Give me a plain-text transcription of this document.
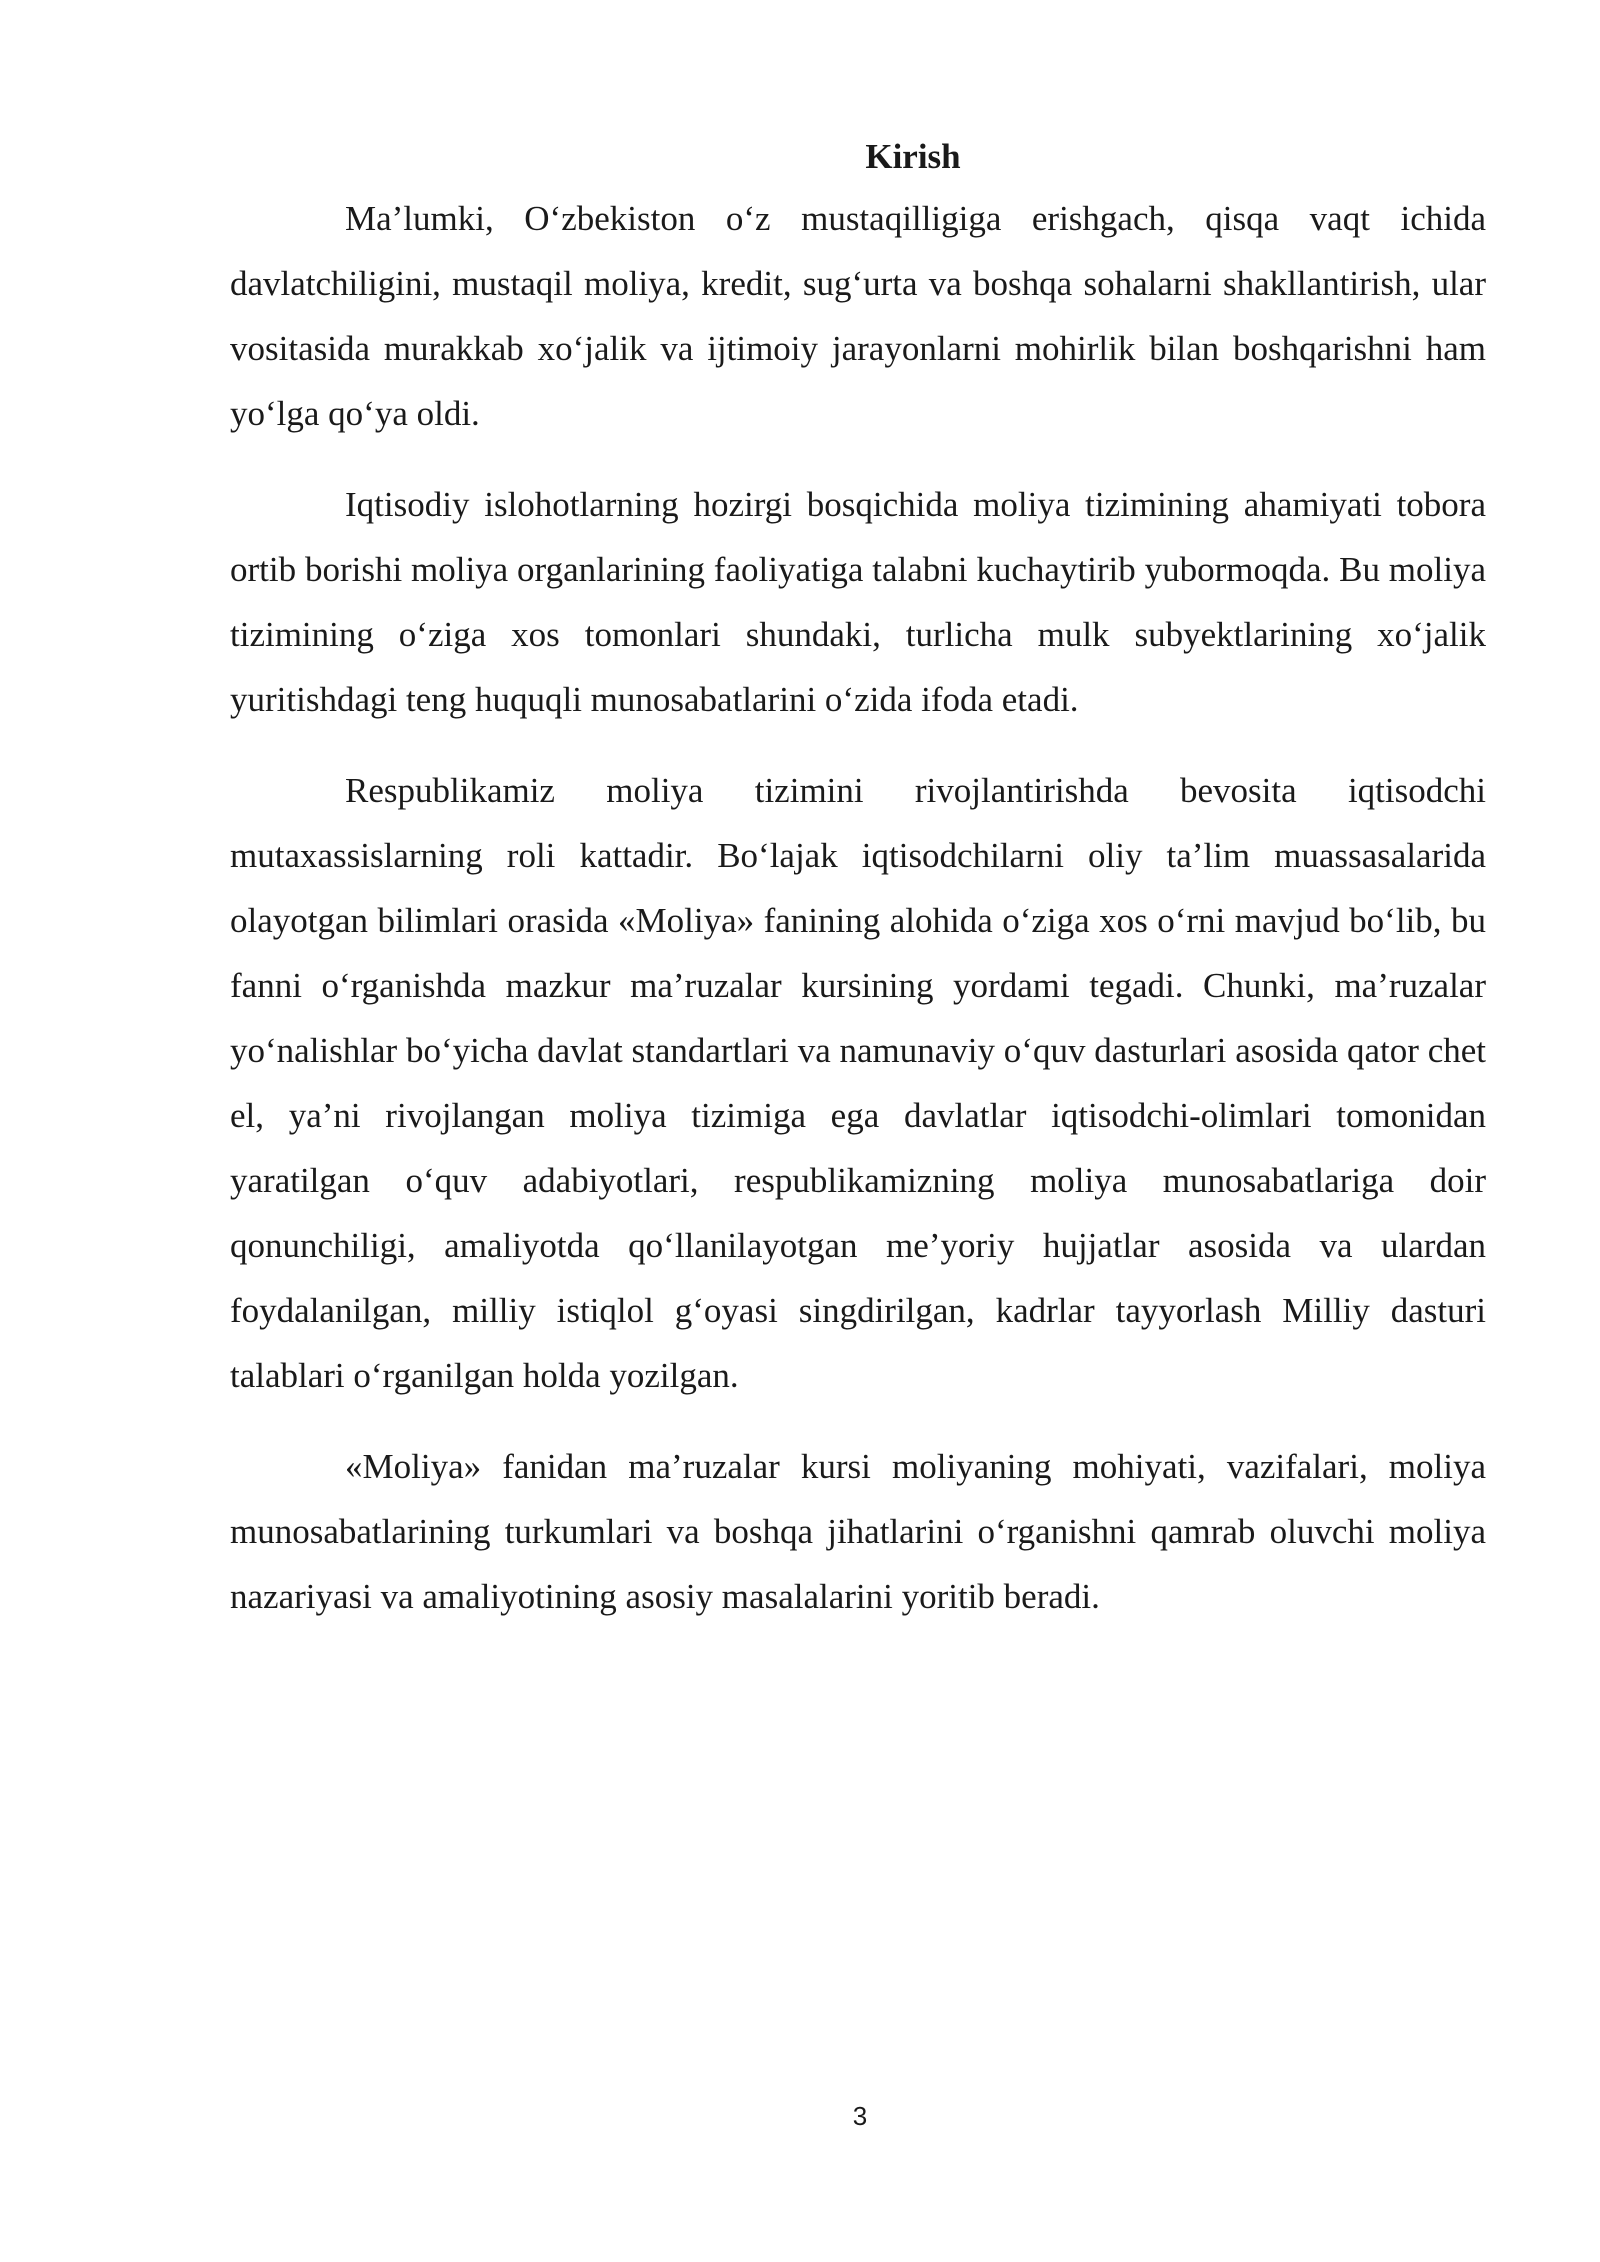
Kirish

Ma’lumki, O‘zbekiston o‘z mustaqilligiga erishgach, qisqa vaqt ichida davlatchiligini, mustaqil moliya, kredit, sug‘urta va boshqa sohalarni shakllantirish, ular vositasida murakkab xo‘jalik va ijtimoiy jarayonlarni mohirlik bilan boshqarishni ham yo‘lga qo‘ya oldi.

Iqtisodiy islohotlarning hozirgi bosqichida moliya tizimining ahamiyati tobora ortib borishi moliya organlarining faoliyatiga talabni kuchaytirib yubormoqda. Bu moliya tizimining o‘ziga xos tomonlari shundaki, turlicha mulk subyektlarining xo‘jalik yuritishdagi teng huquqli munosabatlarini o‘zida ifoda etadi.

Respublikamiz moliya tizimini rivojlantirishda bevosita iqtisodchi mutaxassislarning roli kattadir. Bo‘lajak iqtisodchilarni oliy ta’lim muassasalarida olayotgan bilimlari orasida «Moliya» fanining alohida o‘ziga xos o‘rni mavjud bo‘lib, bu fanni o‘rganishda mazkur ma’ruzalar kursining yordami tegadi. Chunki, ma’ruzalar yo‘nalishlar bo‘yicha davlat standartlari va namunaviy o‘quv dasturlari asosida qator chet el, ya’ni rivojlangan moliya tizimiga ega davlatlar iqtisodchi-olimlari tomonidan yaratilgan o‘quv adabiyotlari, respublikamizning moliya munosabatlariga doir qonunchiligi, amaliyotda qo‘llanilayotgan me’yoriy hujjatlar asosida va ulardan foydalanilgan, milliy istiqlol g‘oyasi singdirilgan, kadrlar tayyorlash Milliy dasturi talablari o‘rganilgan holda yozilgan.

«Moliya» fanidan ma’ruzalar kursi moliyaning mohiyati, vazifalari, moliya munosabatlarining turkumlari va boshqa jihatlarini o‘rganishni qamrab oluvchi moliya nazariyasi va amaliyotining asosiy masalalarini yoritib beradi.

3
